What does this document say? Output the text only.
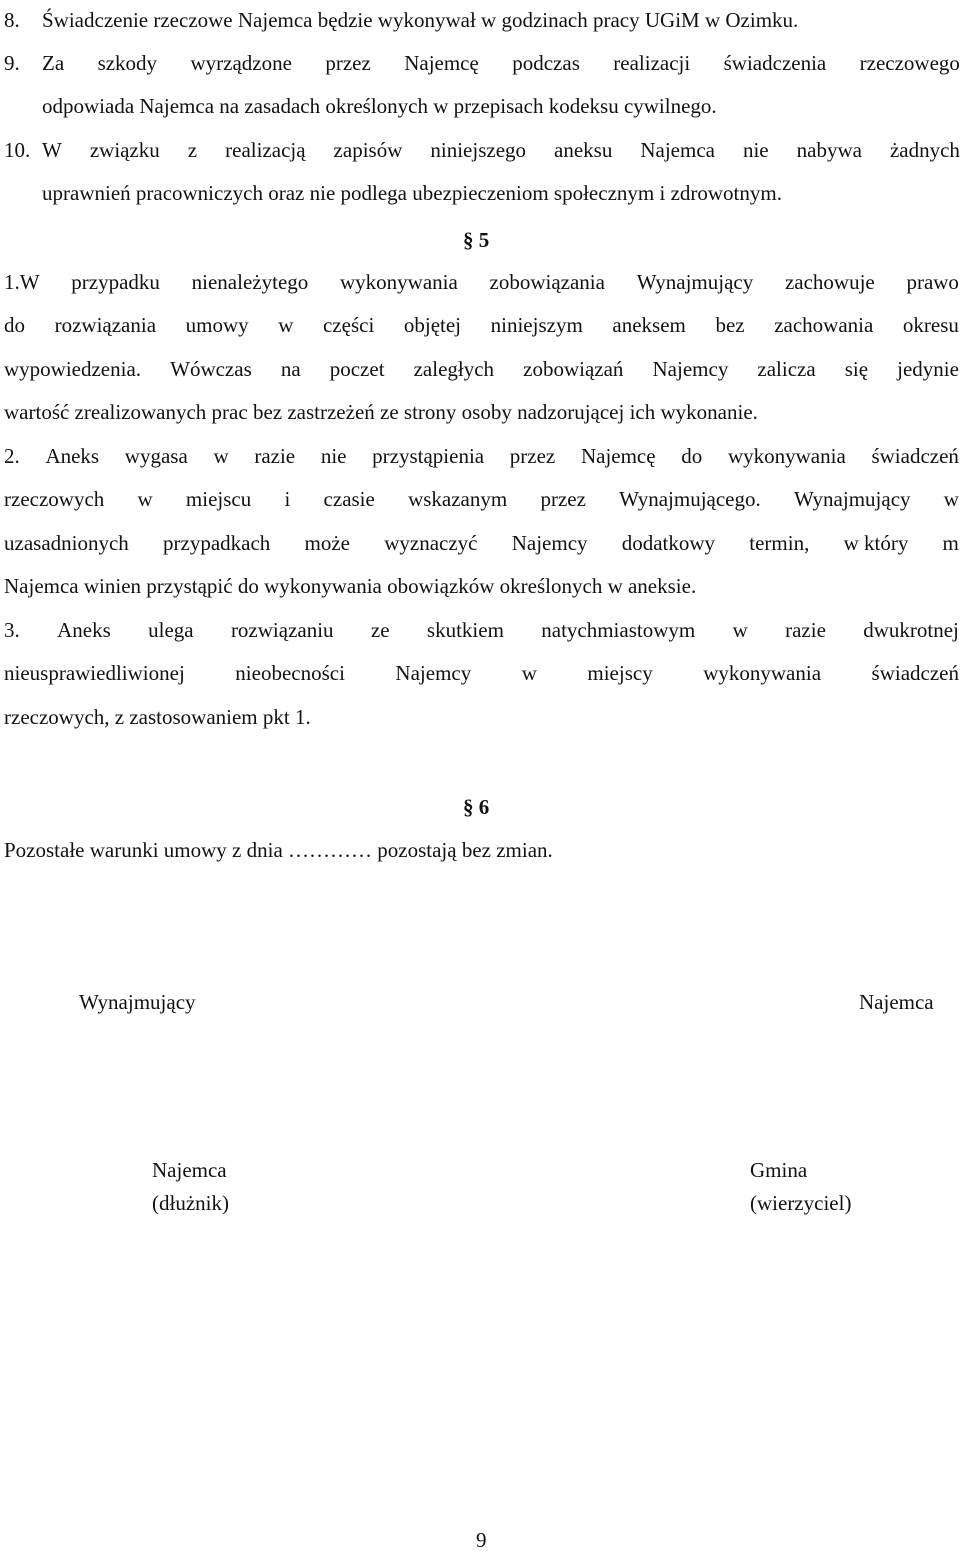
8. Świadczenie rzeczowe Najemca będzie wykonywał w godzinach pracy UGiM w Ozimku.
9. Za szkody wyrządzone przez Najemcę podczas realizacji świadczenia rzeczowego
odpowiada Najemca na zasadach określonych w przepisach kodeksu cywilnego.
10. W związku z realizacją zapisów niniejszego aneksu Najemca nie nabywa żadnych
uprawnień pracowniczych oraz nie podlega ubezpieczeniom społecznym i zdrowotnym.
§ 5
1.W przypadku nienależytego wykonywania zobowiązania Wynajmujący zachowuje prawo
do rozwiązania umowy w części objętej niniejszym aneksem bez zachowania okresu
wypowiedzenia. Wówczas na poczet zaległych zobowiązań Najemcy zalicza się jedynie
wartość zrealizowanych prac bez zastrzeżeń ze strony osoby nadzorującej ich wykonanie.
2. Aneks wygasa w razie nie przystąpienia przez Najemcę do wykonywania świadczeń
rzeczowych w miejscu i czasie wskazanym przez Wynajmującego. Wynajmujący w
uzasadnionych przypadkach może wyznaczyć Najemcy dodatkowy termin, w który m
Najemca winien przystąpić do wykonywania obowiązków określonych w aneksie.
3. Aneks ulega rozwiązaniu ze skutkiem natychmiastowym w razie dwukrotnej
nieusprawiedliwionej nieobecności Najemcy w miejscy wykonywania świadczeń
rzeczowych, z zastosowaniem pkt 1.
§ 6
Pozostałe warunki umowy z dnia ………… pozostają bez zmian.
Wynajmujący	Najemca
Najemca
(dłużnik)
Gmina
(wierzyciel)
9
